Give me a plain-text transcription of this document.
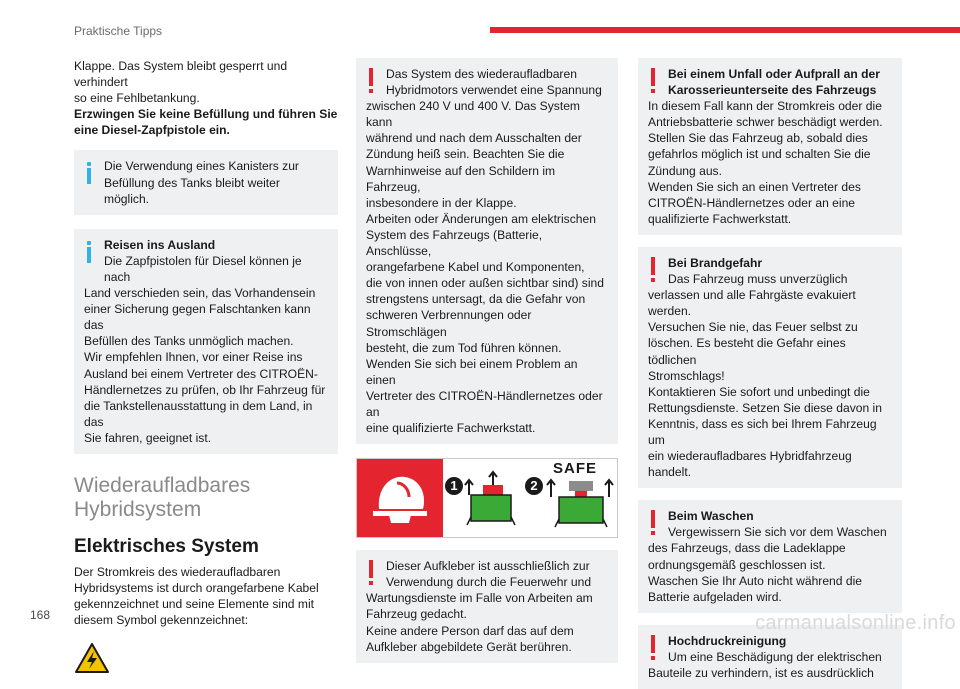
Praktische Tipps
Klappe. Das System bleibt gesperrt und verhindert
so eine Fehlbetankung.
Erzwingen Sie keine Befüllung und führen Sie
eine Diesel-Zapfpistole ein.
Die Verwendung eines Kanisters zur
Befüllung des Tanks bleibt weiter möglich.
Reisen ins Ausland
Die Zapfpistolen für Diesel können je nach
Land verschieden sein, das Vorhandensein
einer Sicherung gegen Falschtanken kann das
Befüllen des Tanks unmöglich machen.
Wir empfehlen Ihnen, vor einer Reise ins
Ausland bei einem Vertreter des CITROËN-
Händlernetzes zu prüfen, ob Ihr Fahrzeug für
die Tankstellenausstattung in dem Land, in das
Sie fahren, geeignet ist.
Wiederaufladbares
Hybridsystem
Elektrisches System
Der Stromkreis des wiederaufladbaren
Hybridsystems ist durch orangefarbene Kabel
gekennzeichnet und seine Elemente sind mit
diesem Symbol gekennzeichnet:
Das System des wiederaufladbaren
Hybridmotors verwendet eine Spannung
zwischen 240 V und 400 V. Das System kann
während und nach dem Ausschalten der
Zündung heiß sein. Beachten Sie die
Warnhinweise auf den Schildern im Fahrzeug,
insbesondere in der Klappe.
Arbeiten oder Änderungen am elektrischen
System des Fahrzeugs (Batterie, Anschlüsse,
orangefarbene Kabel und Komponenten,
die von innen oder außen sichtbar sind) sind
strengstens untersagt, da die Gefahr von
schweren Verbrennungen oder Stromschlägen
besteht, die zum Tod führen können.
Wenden Sie sich bei einem Problem an einen
Vertreter des CITROËN-Händlernetzes oder an
eine qualifizierte Fachwerkstatt.
1	2
SAFE
Dieser Aufkleber ist ausschließlich zur
Verwendung durch die Feuerwehr und
Wartungsdienste im Falle von Arbeiten am
Fahrzeug gedacht.
Keine andere Person darf das auf dem
Aufkleber abgebildete Gerät berühren.
Bei einem Unfall oder Aufprall an der
Karosserieunterseite des Fahrzeugs
In diesem Fall kann der Stromkreis oder die
Antriebsbatterie schwer beschädigt werden.
Stellen Sie das Fahrzeug ab, sobald dies
gefahrlos möglich ist und schalten Sie die
Zündung aus.
Wenden Sie sich an einen Vertreter des
CITROËN-Händlernetzes oder an eine
qualifizierte Fachwerkstatt.
Bei Brandgefahr
Das Fahrzeug muss unverzüglich
verlassen und alle Fahrgäste evakuiert werden.
Versuchen Sie nie, das Feuer selbst zu
löschen. Es besteht die Gefahr eines tödlichen
Stromschlags!
Kontaktieren Sie sofort und unbedingt die
Rettungsdienste. Setzen Sie diese davon in
Kenntnis, dass es sich bei Ihrem Fahrzeug um
ein wiederaufladbares Hybridfahrzeug handelt.
Beim Waschen
Vergewissern Sie sich vor dem Waschen
des Fahrzeugs, dass die Ladeklappe
ordnungsgemäß geschlossen ist.
Waschen Sie Ihr Auto nicht während die
Batterie aufgeladen wird.
Hochdruckreinigung
Um eine Beschädigung der elektrischen
Bauteile zu verhindern, ist es ausdrücklich
168	carmanualsonline.info
